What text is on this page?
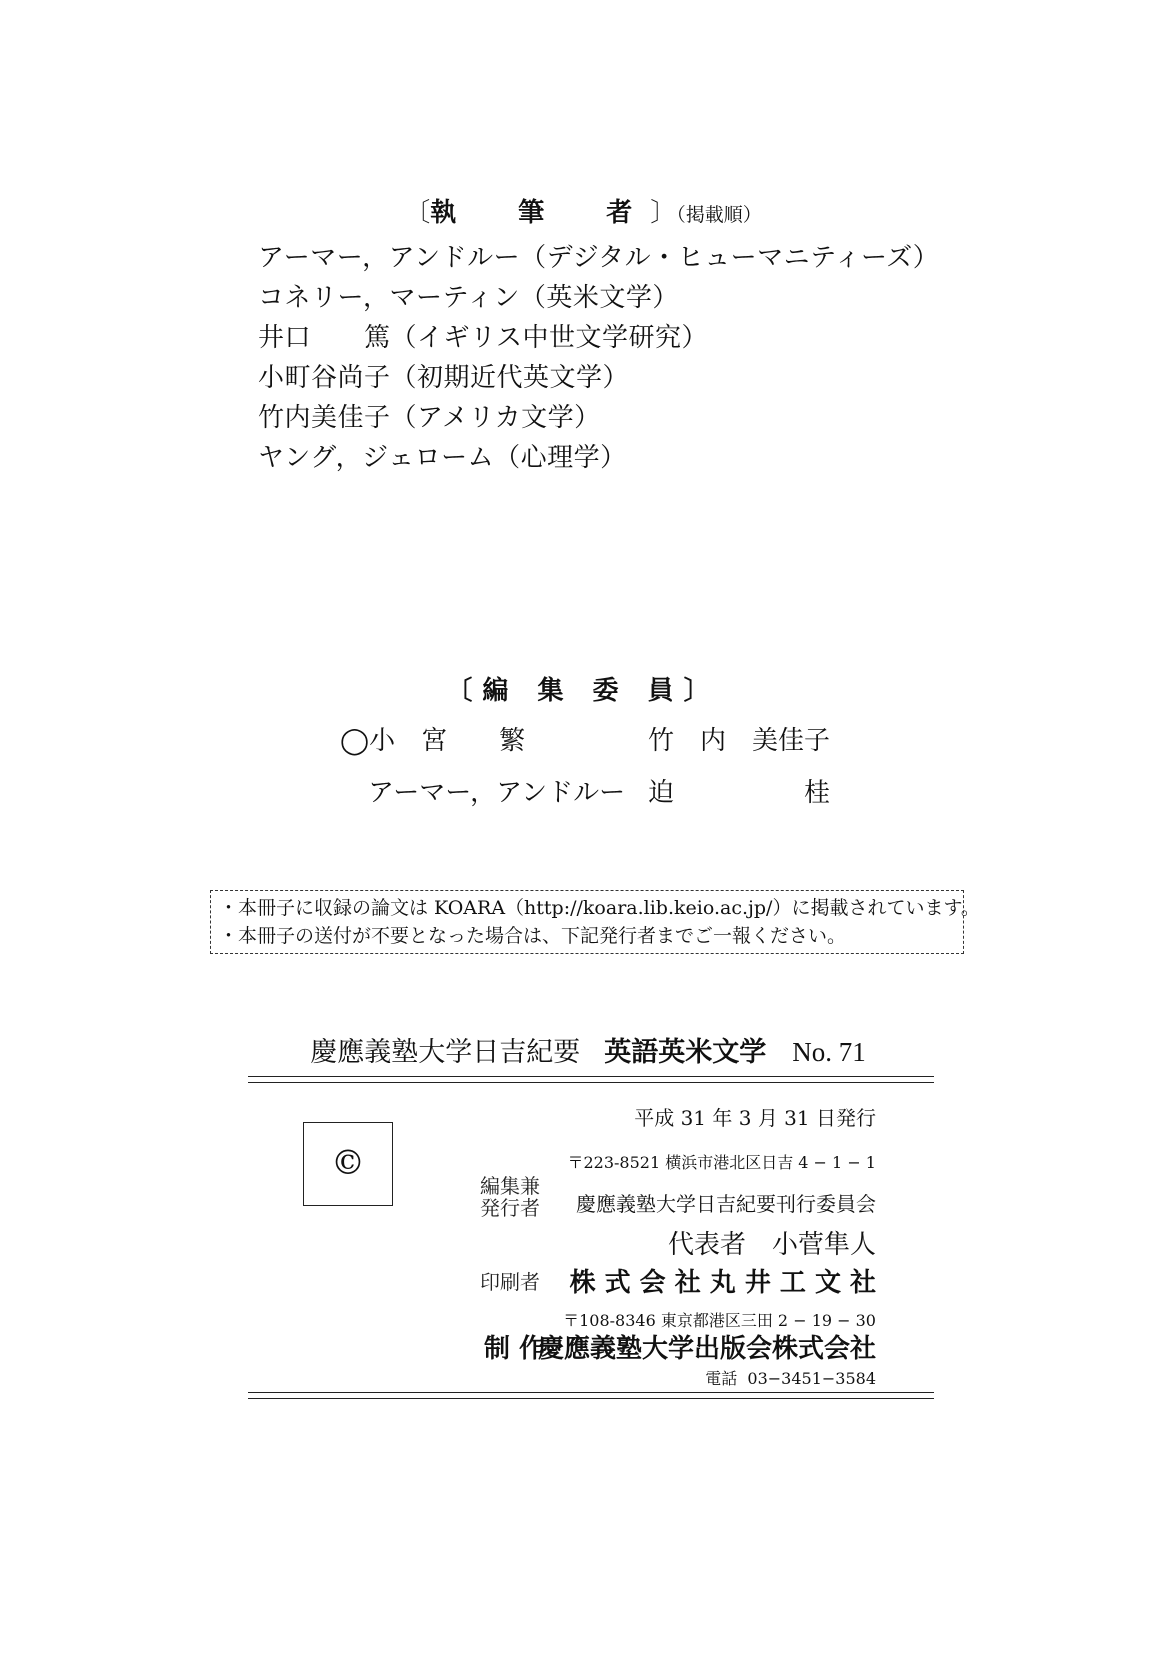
〔執　筆　者〕（掲載順）
アーマー，アンドルー（デジタル・ヒューマニティーズ）
コネリー，マーティン（英米文学）
井口　　篤（イギリス中世文学研究）
小町谷尚子（初期近代英文学）
竹内美佳子（アメリカ文学）
ヤング，ジェローム（心理学）
〔編 集 委 員〕
◯小　宮　　繁	竹　内　美佳子
アーマー，アンドルー 迫	桂
・本冊子に収録の論文は KOARA（http://koara.lib.keio.ac.jp/）に掲載されています。
・本冊子の送付が不要となった場合は、下記発行者までご一報ください。
慶應義塾大学日吉紀要 英語英米文学 No. 71
©
平成 31 年 3 月 31 日発行
〒223-8521 横浜市港北区日吉 4 − 1 − 1
編集兼
発行者 慶應義塾大学日吉紀要刊行委員会
代表者　小菅隼人
印刷者 株 式 会 社 丸 井 工 文 社
〒108-8346 東京都港区三田 2 − 19 − 30
制 作
慶應義塾大学出版会株式会社
電話 03−3451−3584
